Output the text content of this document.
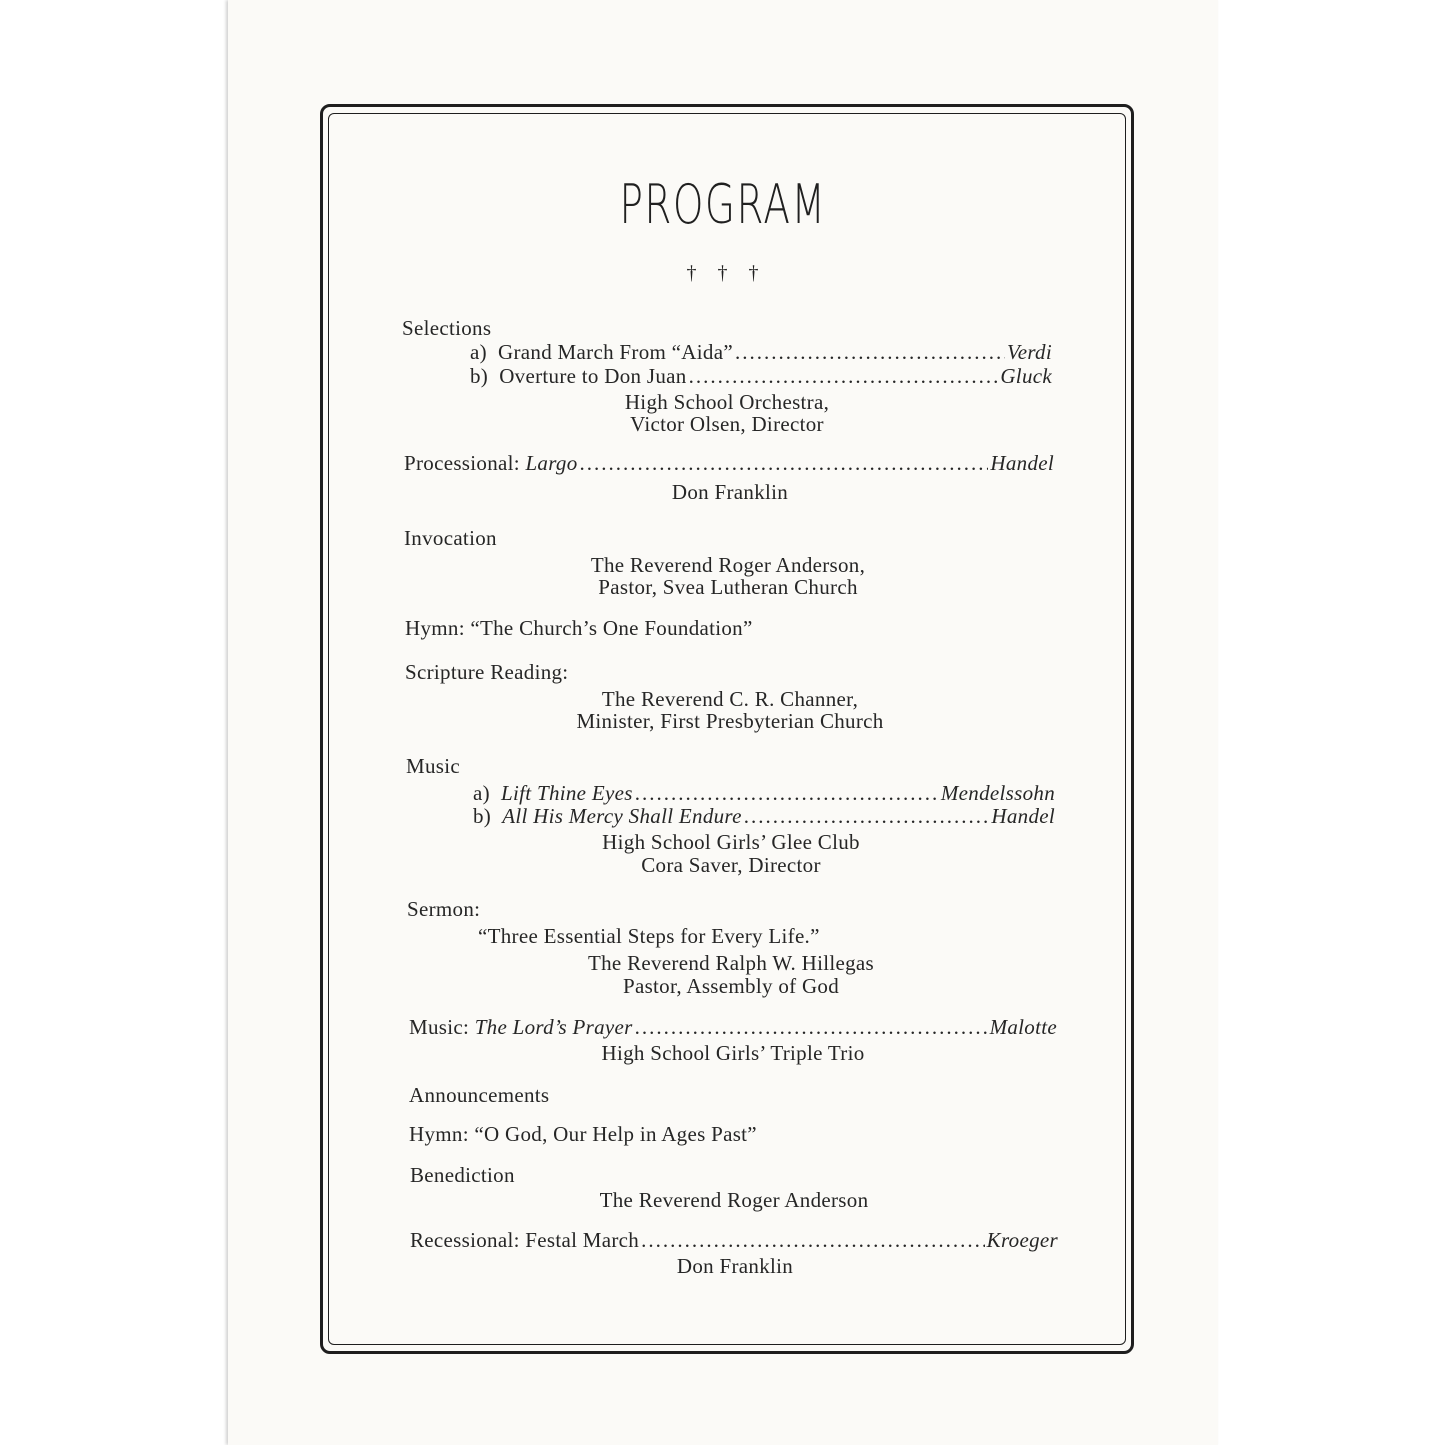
PROGRAM
† † †
Selections
a)
Grand March From “Aida” .....	Verdi
b)
Overture to Don Juan .....	Gluck
High School Orchestra,
Victor Olsen, Director
Processional:
Largo .....	Handel
Don Franklin
Invocation
The Reverend Roger Anderson,
Pastor, Svea Lutheran Church
Hymn: “The Church’s One Foundation”
Scripture Reading:
The Reverend C. R. Channer,
Minister, First Presbyterian Church
Music
a)
Lift Thine Eyes .....	Mendelssohn
b)
All His Mercy Shall Endure .....	Handel
High School Girls’ Glee Club
Cora Saver, Director
Sermon:
“Three Essential Steps for Every Life.”
The Reverend Ralph W. Hillegas
Pastor, Assembly of God
Music:
The Lord’s Prayer .....	Malotte
High School Girls’ Triple Trio
Announcements
Hymn: “O God, Our Help in Ages Past”
Benediction
The Reverend Roger Anderson
Recessional: Festal March .....	Kroeger
Don Franklin
